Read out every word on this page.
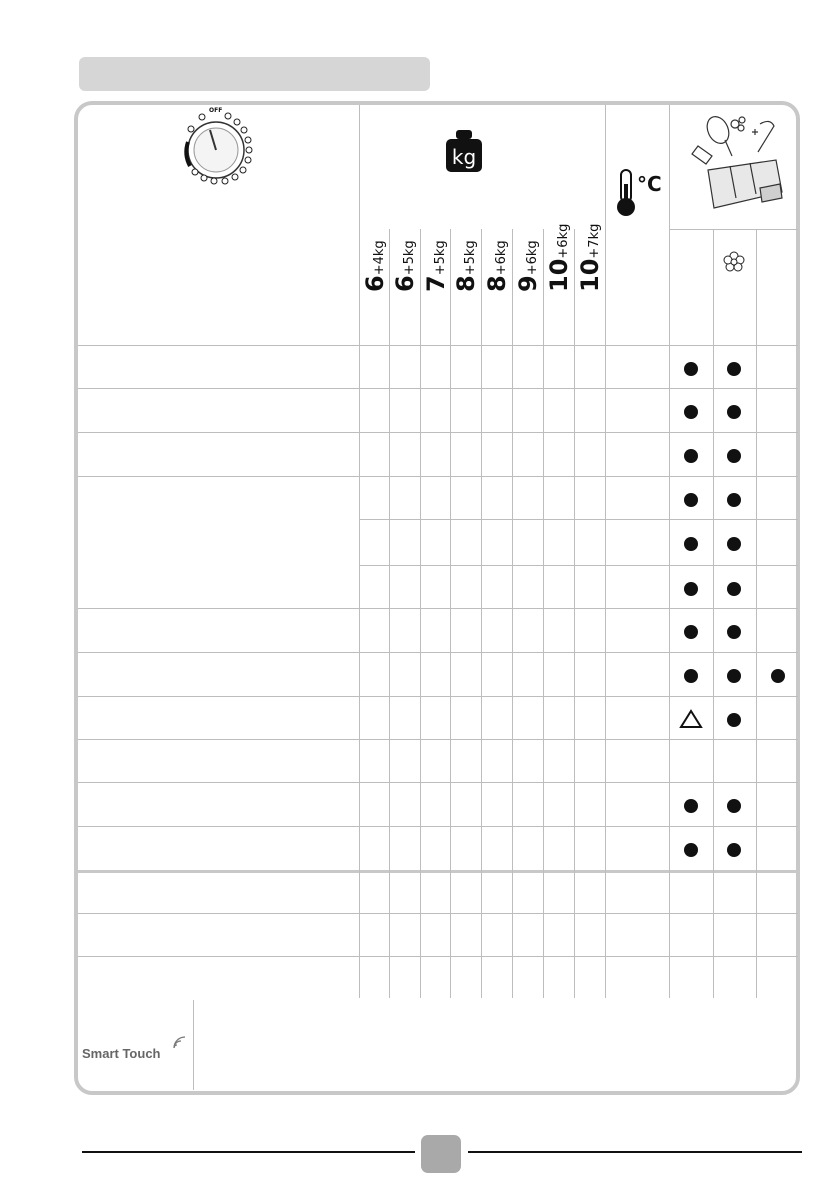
OFF
kg
°C
6+4kg
6+5kg
7+5kg
8+5kg
8+6kg
9+6kg 10+6kg
10+7kg
Smart Touch
